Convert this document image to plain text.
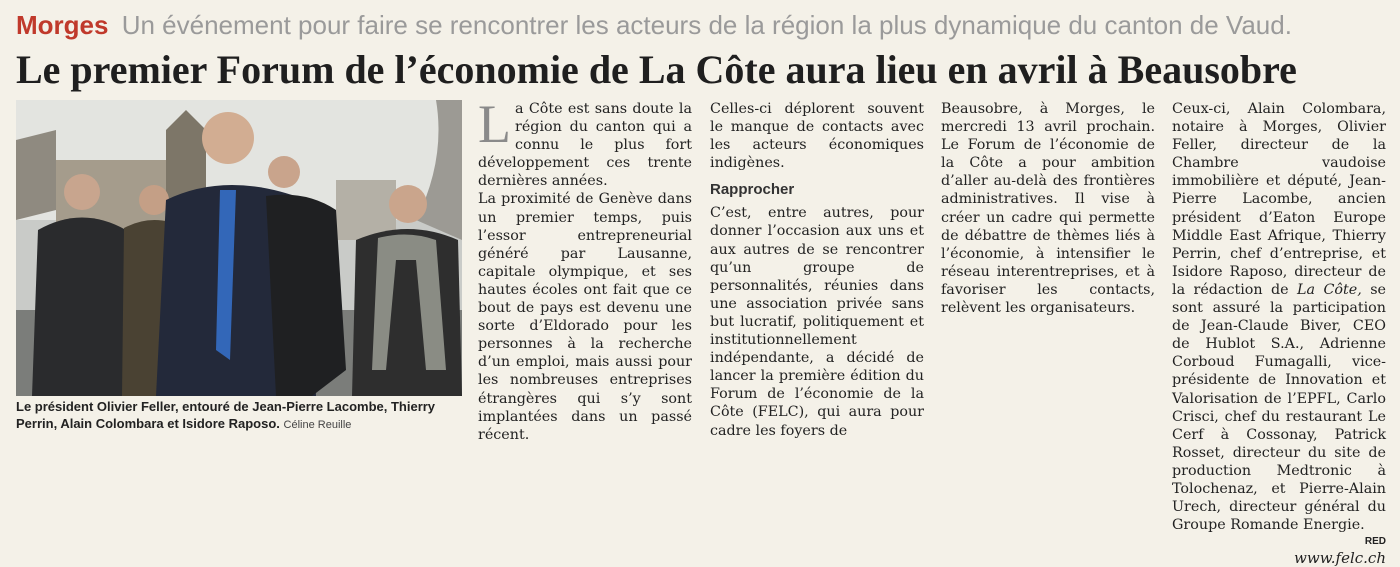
Morges Un événement pour faire se rencontrer les acteurs de la région la plus dynamique du canton de Vaud.
Le premier Forum de l’économie de La Côte aura lieu en avril à Beausobre
Le président Olivier Feller, entouré de Jean-Pierre Lacombe, Thierry Perrin, Alain Colombara et Isidore Raposo. Céline Reuille

La Côte est sans doute la région du canton qui a connu le plus fort développement ces trente dernières années.

La proximité de Genève dans un premier temps, puis l’essor entrepreneurial généré par Lausanne, capitale olympique, et ses hautes écoles ont fait que ce bout de pays est devenu une sorte d’Eldorado pour les personnes à la recherche d’un emploi, mais aussi pour les nombreuses entreprises étrangères qui s’y sont implantées dans un passé récent.

Celles-ci déplorent souvent le manque de contacts avec les acteurs économiques indigènes.

Rapprocher

C’est, entre autres, pour donner l’occasion aux uns et aux autres de se rencontrer qu’un groupe de personnalités, réunies dans une association privée sans but lucratif, politiquement et institutionnellement indépendante, a décidé de lancer la première édition du Forum de l’économie de la Côte (FELC), qui aura pour cadre les foyers de

Beausobre, à Morges, le mercredi 13 avril prochain. Le Forum de l’économie de la Côte a pour ambition d’aller au-delà des frontières administratives. Il vise à créer un cadre qui permette de débattre de thèmes liés à l’économie, à intensifier le réseau interentreprises, et à favoriser les contacts, relèvent les organisateurs.

Ceux-ci, Alain Colombara, notaire à Morges, Olivier Feller, directeur de la Chambre vaudoise immobilière et député, Jean-Pierre Lacombe, ancien président d’Eaton Europe Middle East Afrique, Thierry Perrin, chef d’entreprise, et Isidore Raposo, directeur de la rédaction de La Côte, se sont assuré la participation de Jean-Claude Biver, CEO de Hublot S.A., Adrienne Corboud Fumagalli, vice-présidente de Innovation et Valorisation de l’EPFL, Carlo Crisci, chef du restaurant Le Cerf à Cossonay, Patrick Rosset, directeur du site de production Medtronic à Tolochenaz, et Pierre-Alain Urech, directeur général du Groupe Romande Energie.

RED
www.felc.ch
